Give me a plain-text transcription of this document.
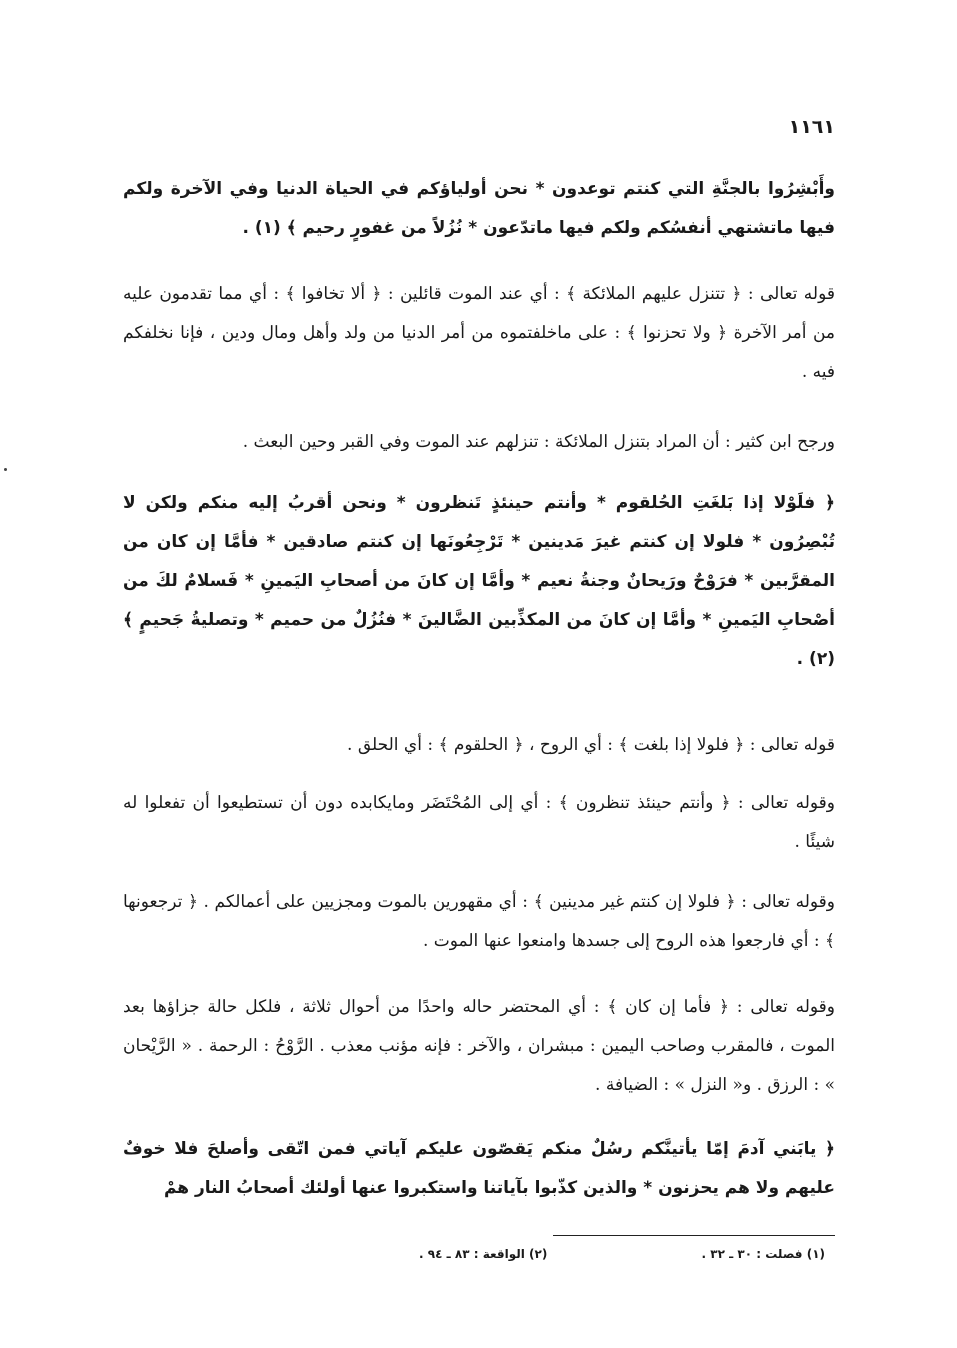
١١٦١

وأَبْشِرُوا بالجنَّةِ التي كنتم توعدون * نحن أولياؤكم في الحياة الدنيا وفي الآخرة ولكم فيها ماتشتهي أنفسُكم ولكم فيها ماتدّعون * نُزُلاً من غفورٍ رحيم ﴾ (١) .

قوله تعالى : ﴿ تتنزل عليهم الملائكة ﴾ : أي عند الموت قائلين : ﴿ ألا تخافوا ﴾ : أي مما تقدمون عليه من أمر الآخرة ﴿ ولا تحزنوا ﴾ : على ماخلفتموه من أمر الدنيا من ولد وأهل ومال ودين ، فإنا نخلفكم فيه .

ورجح ابن كثير : أن المراد بتنزل الملائكة : تنزلهم عند الموت وفي القبر وحين البعث .

﴿ فلَوْلا إذا بَلغَتِ الحُلقوم * وأنتم حينئذٍ تَنظرون * ونحن أقربُ إليه منكم ولكن لا تُبْصِرُون * فلولا إن كنتم غيرَ مَدينين * تَرْجِعُونَها إن كنتم صادقين * فأمَّا إن كان من المقرَّبين * فرَوْحٌ ورَيحانٌ وجنةُ نعيم * وأمَّا إن كانَ من أصحابِ اليَمينِ * فَسلامٌ لكَ من أصْحابِ اليَمينِ * وأمَّا إن كانَ من المكذِّبين الضَّالينَ * فنُزُلٌ من حميم * وتصليةُ جَحيمٍ ﴾ (٢) .

قوله تعالى : ﴿ فلولا إذا بلغت ﴾ : أي الروح ، ﴿ الحلقوم ﴾ : أي الحلق .

وقوله تعالى : ﴿ وأنتم حينئذ تنظرون ﴾ : أي إلى المُحْتَضَر ومايكابده دون أن تستطيعوا أن تفعلوا له شيئًا .

وقوله تعالى : ﴿ فلولا إن كنتم غير مدينين ﴾ : أي مقهورين بالموت ومجزيين على أعمالكم . ﴿ ترجعونها ﴾ : أي فارجعوا هذه الروح إلى جسدها وامنعوا عنها الموت .

وقوله تعالى : ﴿ فأما إن كان ﴾ : أي المحتضر حاله واحدًا من أحوال ثلاثة ، فلكل حالة جزاؤها بعد الموت ، فالمقرب وصاحب اليمين : مبشران ، والآخر : فإنه مؤنب معذب . الرَّوْحُ : الرحمة . « الرَّيْحان » : الرزق . و« النزل » : الضيافة .

﴿ يابَني آدمَ إمّا يأتينَّكم رسُلٌ منكم يَقصّون عليكم آياتي فمن اتّقى وأصلحَ فلا خوفٌ عليهم ولا هم يحزنون * والذين كذّبوا بآياتنا واستكبروا عنها أولئك أصحابُ النار همْ

(١) فصلت : ٣٠ ـ ٣٢ . (٢) الواقعة : ٨٣ ـ ٩٤ .
